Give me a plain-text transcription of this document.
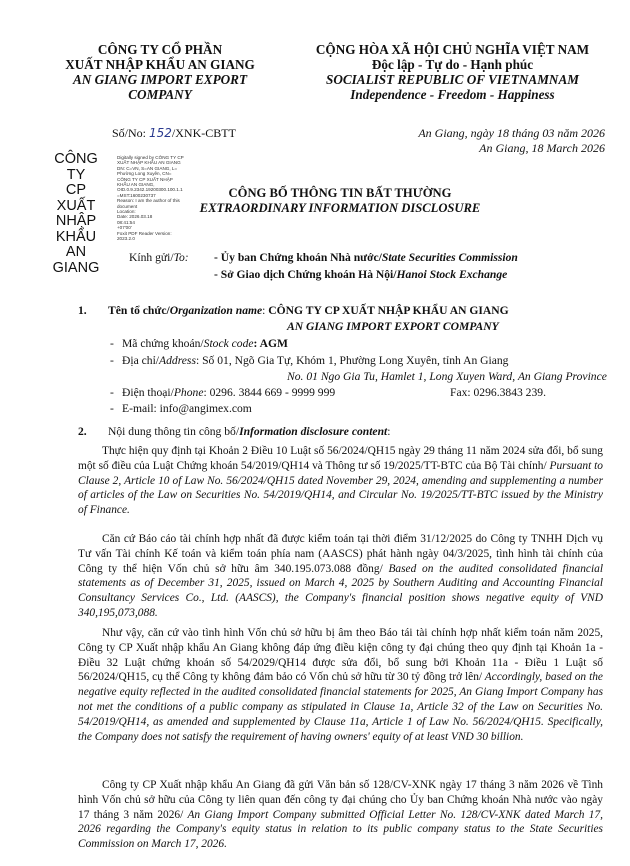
CÔNG TY CỔ PHẦN
XUẤT NHẬP KHẨU AN GIANG
AN GIANG IMPORT EXPORT
COMPANY
CỘNG HÒA XÃ HỘI CHỦ NGHĨA VIỆT NAM
Độc lập - Tự do - Hạnh phúc
SOCIALIST REPUBLIC OF VIETNAMNAM
Independence - Freedom - Happiness
Số/No: 152/XNK-CBTT	An Giang, ngày 18 tháng 03 năm 2026
An Giang, 18 March 2026
CÔNG TY
CP XUẤT
NHẬP
KHẨU AN
GIANG
Digitally signed by CÔNG TY CP
XUẤT NHẬP KHẨU AN GIANG
DN: C=VN, S=AN GIANG, L=
Phường Long Xuyên, CN=
CÔNG TY CP XUẤT NHẬP
KHẨU AN GIANG,
OID.0.9.2342.19200300.100.1.1
=MST:1600230737
Reason: I am the author of this
document
Location:
Date: 2026.03.18
08:41:54
+07'00'
Foxit PDF Reader Version:
2023.2.0
CÔNG BỐ THÔNG TIN BẤT THƯỜNG
EXTRAORDINARY INFORMATION DISCLOSURE
Kính gửi/To: - Ủy ban Chứng khoán Nhà nước/State Securities Commission
- Sở Giao dịch Chứng khoán Hà Nội/Hanoi Stock Exchange
1. Tên tổ chức/Organization name: CÔNG TY CP XUẤT NHẬP KHẨU AN GIANG
AN GIANG IMPORT EXPORT COMPANY
- Mã chứng khoán/Stock code: AGM
- Địa chỉ/Address: Số 01, Ngõ Gia Tự, Khóm 1, Phường Long Xuyên, tỉnh An Giang
No. 01 Ngo Gia Tu, Hamlet 1, Long Xuyen Ward, An Giang Province
- Điện thoại/Phone: 0296. 3844 669 - 9999 999	Fax: 0296.3843 239.
- E-mail: info@angimex.com
2. Nội dung thông tin công bố/Information disclosure content:
Thực hiện quy định tại Khoản 2 Điều 10 Luật số 56/2024/QH15 ngày 29 tháng 11 năm 2024 sửa đổi, bổ sung một số điều của Luật Chứng khoán 54/2019/QH14 và Thông tư số 19/2025/TT-BTC của Bộ Tài chính/ Pursuant to Clause 2, Article 10 of Law No. 56/2024/QH15 dated November 29, 2024, amending and supplementing a number of articles of the Law on Securities No. 54/2019/QH14, and Circular No. 19/2025/TT-BTC issued by the Ministry of Finance.
Căn cứ Báo cáo tài chính hợp nhất đã được kiểm toán tại thời điểm 31/12/2025 do Công ty TNHH Dịch vụ Tư vấn Tài chính Kế toán và kiểm toán phía nam (AASCS) phát hành ngày 04/3/2025, tình hình tài chính của Công ty thể hiện Vốn chủ sở hữu âm 340.195.073.088 đồng/ Based on the audited consolidated financial statements as of December 31, 2025, issued on March 4, 2025 by Southern Auditing and Accounting Financial Consultancy Services Co., Ltd. (AASCS), the Company's financial position shows negative equity of VND 340,195,073,088.
Như vậy, căn cứ vào tình hình Vốn chủ sở hữu bị âm theo Báo tái tài chính hợp nhất kiểm toán năm 2025, Công ty CP Xuất nhập khẩu An Giang không đáp ứng điều kiện công ty đại chúng theo quy định tại Khoản 1a - Điều 32 Luật chứng khoán số 54/2029/QH14 được sửa đổi, bổ sung bởi Khoản 11a - Điều 1 Luật số 56/2024/QH15, cụ thể Công ty không đảm bảo có Vốn chủ sở hữu từ 30 tỷ đồng trở lên/ Accordingly, based on the negative equity reflected in the audited consolidated financial statements for 2025, An Giang Import Company has not met the conditions of a public company as stipulated in Clause 1a, Article 32 of the Law on Securities No. 54/2019/QH14, as amended and supplemented by Clause 11a, Article 1 of Law No. 56/2024/QH15. Specifically, the Company does not satisfy the requirement of having owners' equity of at least VND 30 billion.
Công ty CP Xuất nhập khẩu An Giang đã gửi Văn bản số 128/CV-XNK ngày 17 tháng 3 năm 2026 về Tình hình Vốn chủ sở hữu của Công ty liên quan đến công ty đại chúng cho Ủy ban Chứng khoán Nhà nước vào ngày 17 tháng 3 năm 2026/ An Giang Import Company submitted Official Letter No. 128/CV-XNK dated March 17, 2026 regarding the Company's equity status in relation to its public company status to the State Securities Commission on March 17, 2026.
